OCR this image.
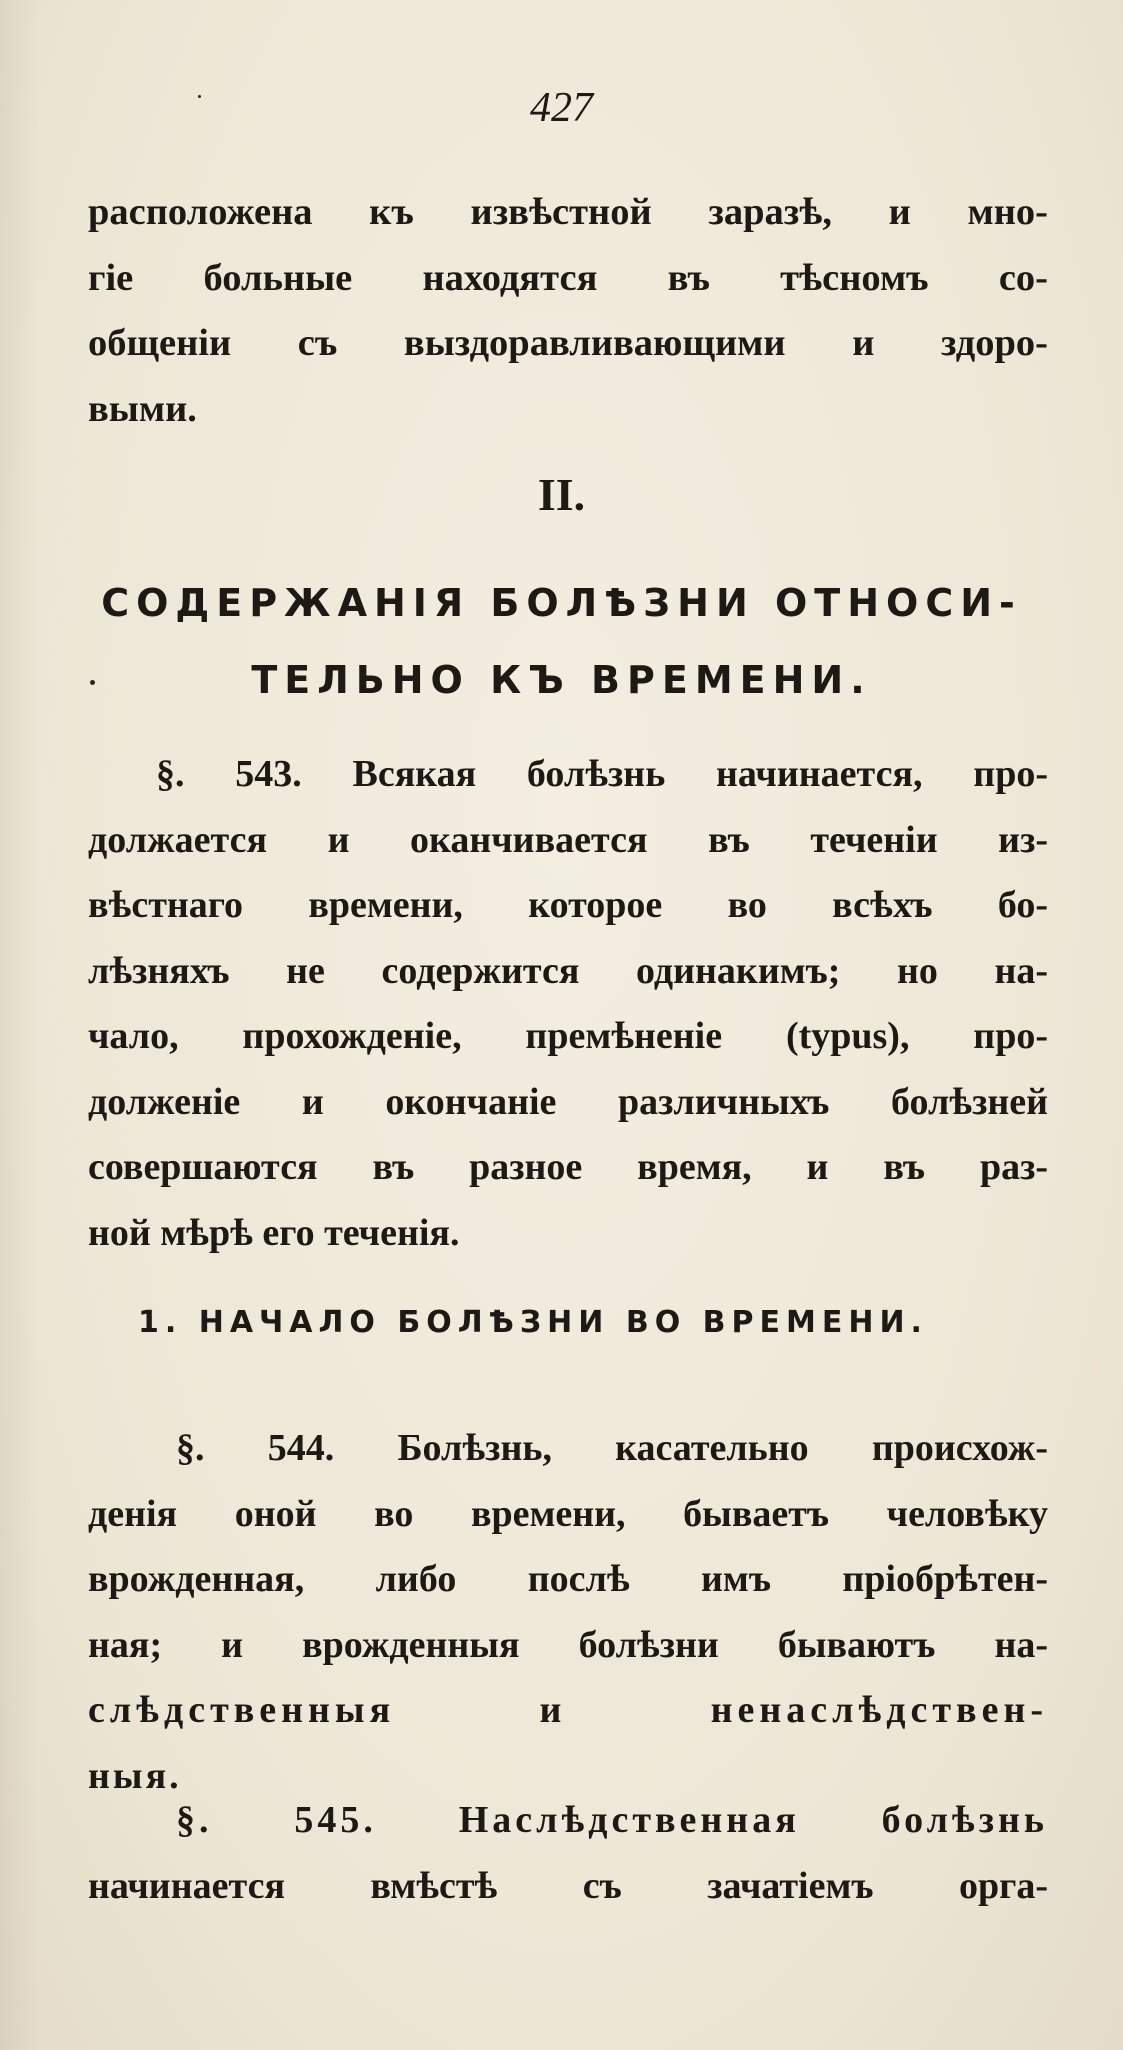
427
расположена къ извѣстной заразѣ, и мно-
гіе больные находятся въ тѣсномъ со-
общеніи съ выздоравливающими и здоро-
выми.
II.
СОДЕРЖАНІЯ БОЛѢЗНИ ОТНОСИ-
ТЕЛЬНО КЪ ВРЕМЕНИ.
§. 543. Всякая болѣзнь начинается, про-
должается и оканчивается въ теченіи из-
вѣстнаго времени, которое во всѣхъ бо-
лѣзняхъ не содержится одинакимъ; но на-
чало, прохожденіе, премѣненіе (typus), про-
долженіе и окончаніе различныхъ болѣзней
совершаются въ разное время, и въ раз-
ной мѣрѣ его теченія.
1. НАЧАЛО БОЛѢЗНИ ВО ВРЕМЕНИ.
§. 544. Болѣзнь, касательно происхож-
денія оной во времени, бываетъ человѣку
врожденная, либо послѣ имъ пріобрѣтен-
ная; и врожденныя болѣзни бываютъ на-
слѣдственныя и ненаслѣдствен-
ныя.
§. 545. Наслѣдственная болѣзнь
начинается вмѣстѣ съ зачатіемъ орга-
